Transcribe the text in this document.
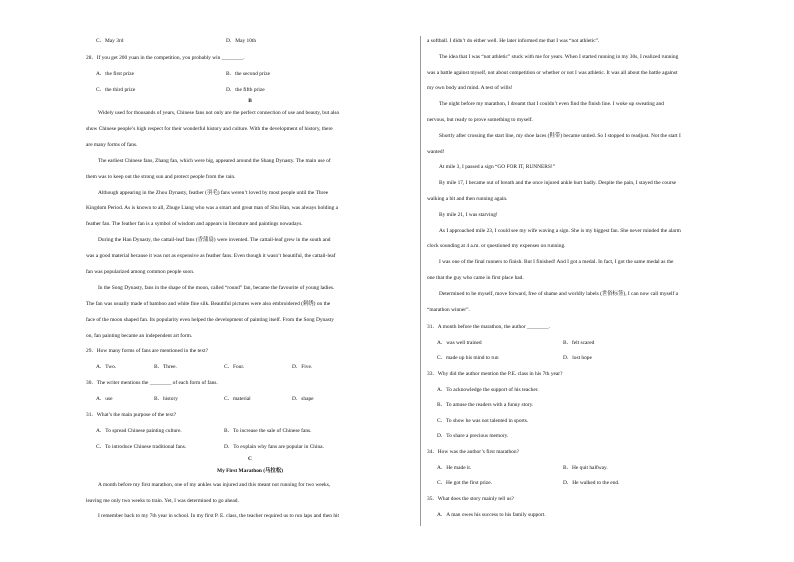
C．May 3rd	D．May 10th
28．If you get 200 yuan in the competition, you probably win ________.
A．the first prize	B．the second prize
C．the third prize	D．the fifth prize
B
Widely used for thousands of years, Chinese fans not only are the perfect connection of use and beauty, but also
show Chinese people’s high respect for their wonderful history and culture. With the development of history, there
are many forms of fans.
The earliest Chinese fans, Zhang fan, which were big, appeared around the Shang Dynasty. The main use of
them was to keep out the strong sun and protect people from the rain.
Although appearing in the Zhou Dynasty, feather (羽毛) fans weren’t loved by most people until the Three
Kingdom Period. As is known to all, Zhuge Liang who was a smart and great man of Shu Han, was always holding a
feather fan. The feather fan is a symbol of wisdom and appears in literature and paintings nowadays.
During the Han Dynasty, the cattail-leaf fans (香蒲扇) were invented. The cattail-leaf grew in the south and
was a good material because it was not as expensive as feather fans. Even though it wasn’t beautiful, the cattail-leaf
fan was popularized among common people soon.
In the Song Dynasty, fans in the shape of the moon, called “round” fan, became the favourite of young ladies.
The fan was usually made of bamboo and white fine silk. Beautiful pictures were also embroidered (刺绣) on the
face of the moon shaped fan. Its popularity even helped the development of painting itself. From the Song Dynasty
on, fan painting became an independent art form.
29．How many forms of fans are mentioned in the text?
A．Two.	B．Three.	C．Four.	D．Five.
30．The writer mentions the ________ of each form of fans.
A．use	B．history	C．material	D．shape
31．What’s the main purpose of the text?
A．To spread Chinese painting culture.	B．To increase the sale of Chinese fans.
C．To introduce Chinese traditional fans.	D．To explain why fans are popular in China.
C
My First Marathon (马拉松)
A month before my first marathon, one of my ankles was injured and this meant not running for two weeks,
leaving me only two weeks to train. Yet, I was determined to go ahead.
I remember back to my 7th year in school. In my first P. E. class, the teacher required us to run laps and then hit
a softball. I didn’t do either well. He later informed me that I was “not athletic”.
The idea that I was “not athletic” stuck with me for years. When I started running in my 30s, I realized running
was a battle against myself, not about competition or whether or not I was athletic. It was all about the battle against
my own body and mind. A test of wills!
The night before my marathon, I dreamt that I couldn’t even find the finish line. I woke up sweating and
nervous, but ready to prove something to myself.
Shortly after crossing the start line, my shoe laces (鞋带) became untied. So I stopped to readjust. Not the start I
wanted!
At mile 3, I passed a sign “GO FOR IT, RUNNERS!”
By mile 17, I became out of breath and the once injured ankle hurt badly. Despite the pain, I stayed the course
walking a bit and then running again.
By mile 21, I was starving!
As I approached mile 23, I could see my wife waving a sign. She is my biggest fan. She never minded the alarm
clock sounding at 4 a.m. or questioned my expenses on running.
I was one of the final runners to finish. But I finished! And I got a medal. In fact, I got the same medal as the
one that the guy who came in first place had.
Determined to be myself, move forward, free of shame and worldly labels (世俗标签), I can now call myself a
“marathon winner”.
31．A month before the marathon, the author ________.
A．was well trained	B．felt scared
C．made up his mind to run	D．lost hope
33．Why did the author mention the P.E. class in his 7th year?
A．To acknowledge the support of his teacher.
B．To amuse the readers with a funny story.
C．To show he was not talented in sports.
D．To share a precious memory.
34．How was the author’s first marathon?
A．He made it.	B．He quit halfway.
C．He got the first prize.	D．He walked to the end.
35．What does the story mainly tell us?
A．A man owes his success to his family support.
